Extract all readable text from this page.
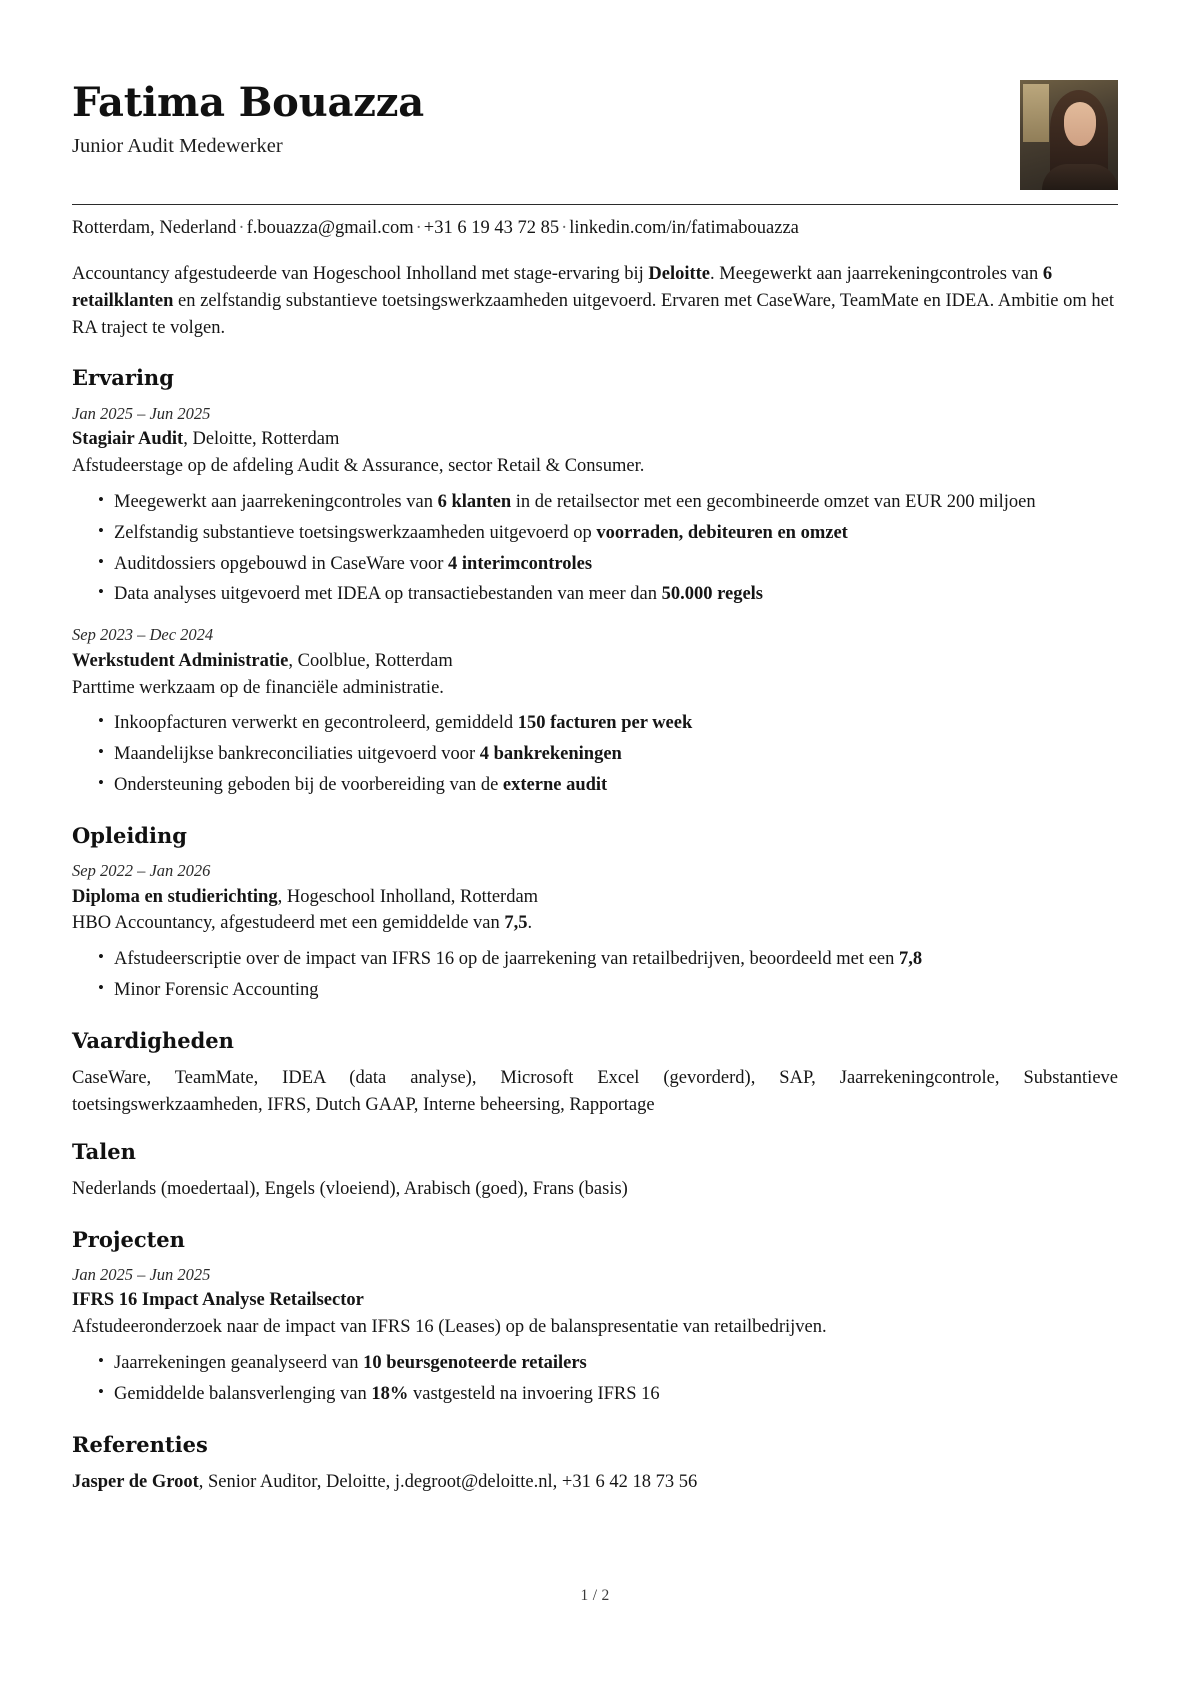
Fatima Bouazza

Junior Audit Medewerker

Rotterdam, Nederland · f.bouazza@gmail.com · +31 6 19 43 72 85 · linkedin.com/in/fatimabouazza

Accountancy afgestudeerde van Hogeschool Inholland met stage-ervaring bij Deloitte. Meegewerkt aan jaarrekeningcontroles van 6 retailklanten en zelfstandig substantieve toetsingswerkzaamheden uitgevoerd. Ervaren met CaseWare, TeamMate en IDEA. Ambitie om het RA traject te volgen.

Ervaring

Jan 2025 – Jun 2025

Stagiair Audit, Deloitte, Rotterdam

Afstudeerstage op de afdeling Audit & Assurance, sector Retail & Consumer.

• Meegewerkt aan jaarrekeningcontroles van 6 klanten in de retailsector met een gecombineerde omzet van EUR 200 miljoen
• Zelfstandig substantieve toetsingswerkzaamheden uitgevoerd op voorraden, debiteuren en omzet
• Auditdossiers opgebouwd in CaseWare voor 4 interimcontroles
• Data analyses uitgevoerd met IDEA op transactiebestanden van meer dan 50.000 regels

Sep 2023 – Dec 2024

Werkstudent Administratie, Coolblue, Rotterdam

Parttime werkzaam op de financiële administratie.

• Inkoopfacturen verwerkt en gecontroleerd, gemiddeld 150 facturen per week
• Maandelijkse bankreconciliaties uitgevoerd voor 4 bankrekeningen
• Ondersteuning geboden bij de voorbereiding van de externe audit
Opleiding

Sep 2022 – Jan 2026

Diploma en studierichting, Hogeschool Inholland, Rotterdam

HBO Accountancy, afgestudeerd met een gemiddelde van 7,5.

• Afstudeerscriptie over de impact van IFRS 16 op de jaarrekening van retailbedrijven, beoordeeld met een 7,8
• Minor Forensic Accounting
Vaardigheden

CaseWare, TeamMate, IDEA (data analyse), Microsoft Excel (gevorderd), SAP, Jaarrekeningcontrole, Substantieve toetsingswerkzaamheden, IFRS, Dutch GAAP, Interne beheersing, Rapportage

Talen

Nederlands (moedertaal), Engels (vloeiend), Arabisch (goed), Frans (basis)

Projecten

Jan 2025 – Jun 2025

IFRS 16 Impact Analyse Retailsector

Afstudeeronderzoek naar de impact van IFRS 16 (Leases) op de balanspresentatie van retailbedrijven.

• Jaarrekeningen geanalyseerd van 10 beursgenoteerde retailers
• Gemiddelde balansverlenging van 18% vastgesteld na invoering IFRS 16
Referenties

Jasper de Groot, Senior Auditor, Deloitte, j.degroot@deloitte.nl, +31 6 42 18 73 56

1 / 2
